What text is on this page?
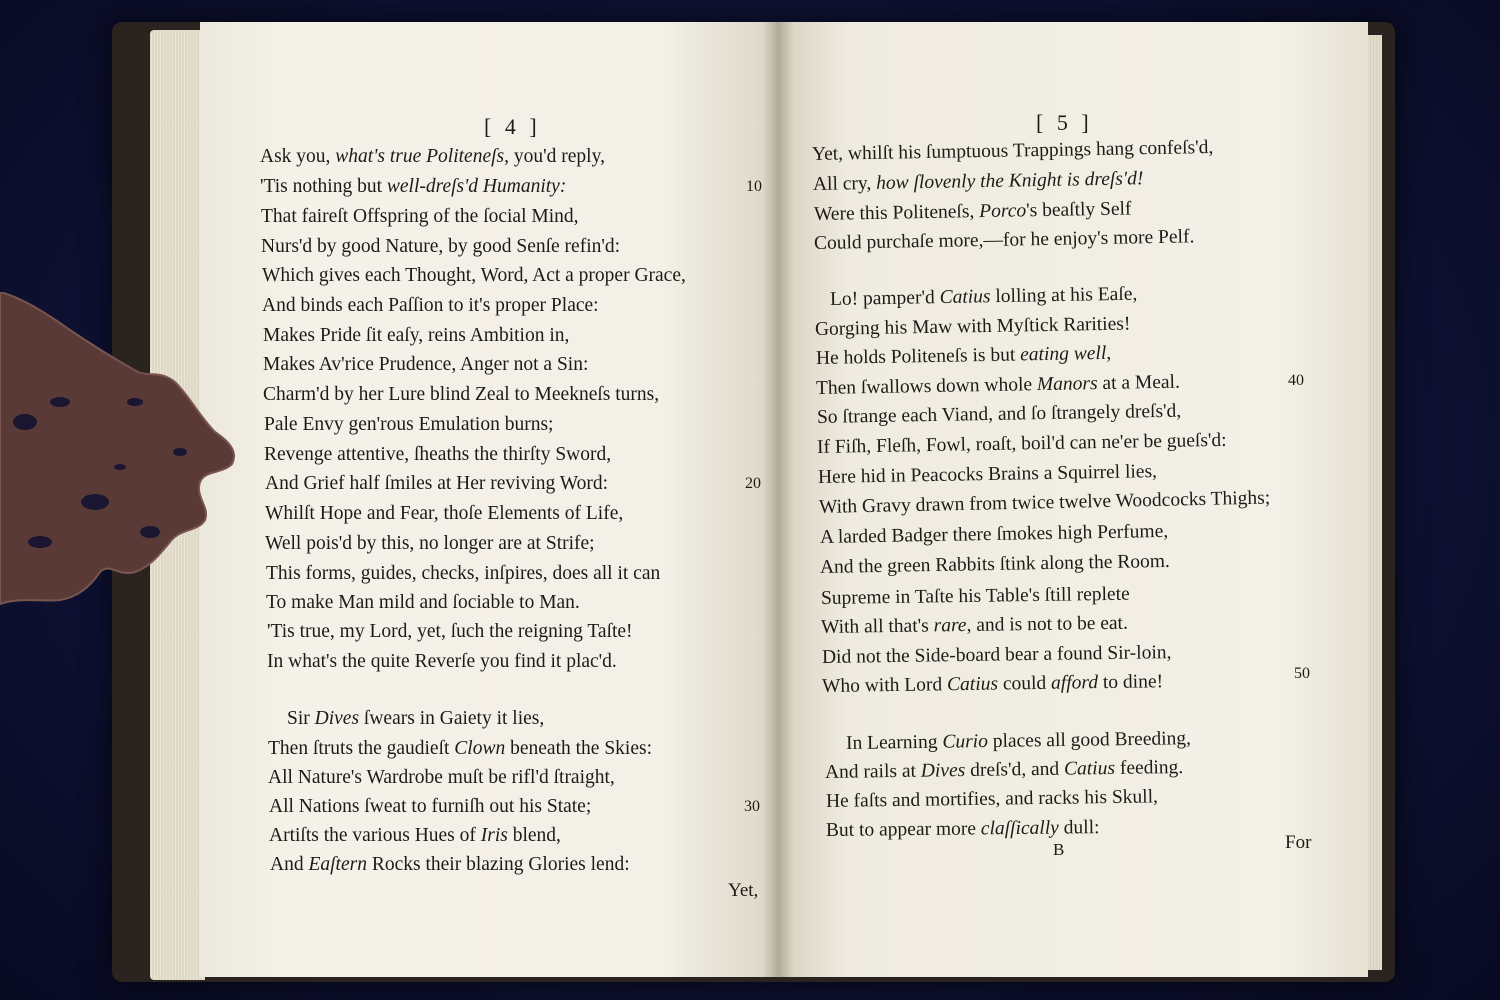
[ 4 ]
Ask you, what's true Politeneſs, you'd reply,
'Tis nothing but well-dreſs'd Humanity:
That faireſt Offspring of the ſocial Mind,
Nurs'd by good Nature, by good Senſe refin'd:
Which gives each Thought, Word, Act a proper Grace,
And binds each Paſſion to it's proper Place:
Makes Pride ſit eaſy, reins Ambition in,
Makes Av'rice Prudence, Anger not a Sin:
Charm'd by her Lure blind Zeal to Meekneſs turns,
Pale Envy gen'rous Emulation burns;
Revenge attentive, ſheaths the thirſty Sword,
And Grief half ſmiles at Her reviving Word:
Whilſt Hope and Fear, thoſe Elements of Life,
Well pois'd by this, no longer are at Strife;
This forms, guides, checks, inſpires, does all it can
To make Man mild and ſociable to Man.
'Tis true, my Lord, yet, ſuch the reigning Taſte!
In what's the quite Reverſe you find it plac'd.
Sir Dives ſwears in Gaiety it lies,
Then ſtruts the gaudieſt Clown beneath the Skies:
All Nature's Wardrobe muſt be rifl'd ſtraight,
All Nations ſweat to furniſh out his State;
Artiſts the various Hues of Iris blend,
And Eaſtern Rocks their blazing Glories lend:
10
20
30
Yet,
[ 5 ]
Yet, whilſt his ſumptuous Trappings hang confeſs'd,
All cry, how ſlovenly the Knight is dreſs'd!
Were this Politeneſs, Porco's beaſtly Self
Could purchaſe more,—for he enjoy's more Pelf.
Lo! pamper'd Catius lolling at his Eaſe,
Gorging his Maw with Myſtick Rarities!
He holds Politeneſs is but eating well,
Then ſwallows down whole Manors at a Meal.
So ſtrange each Viand, and ſo ſtrangely dreſs'd,
If Fiſh, Fleſh, Fowl, roaſt, boil'd can ne'er be gueſs'd:
Here hid in Peacocks Brains a Squirrel lies,
With Gravy drawn from twice twelve Woodcocks Thighs;
A larded Badger there ſmokes high Perfume,
And the green Rabbits ſtink along the Room.
Supreme in Taſte his Table's ſtill replete
With all that's rare, and is not to be eat.
Did not the Side-board bear a found Sir-loin,
Who with Lord Catius could afford to dine!
In Learning Curio places all good Breeding,
And rails at Dives dreſs'd, and Catius feeding.
He faſts and mortifies, and racks his Skull,
But to appear more claſſically dull:
40
50
B	For
